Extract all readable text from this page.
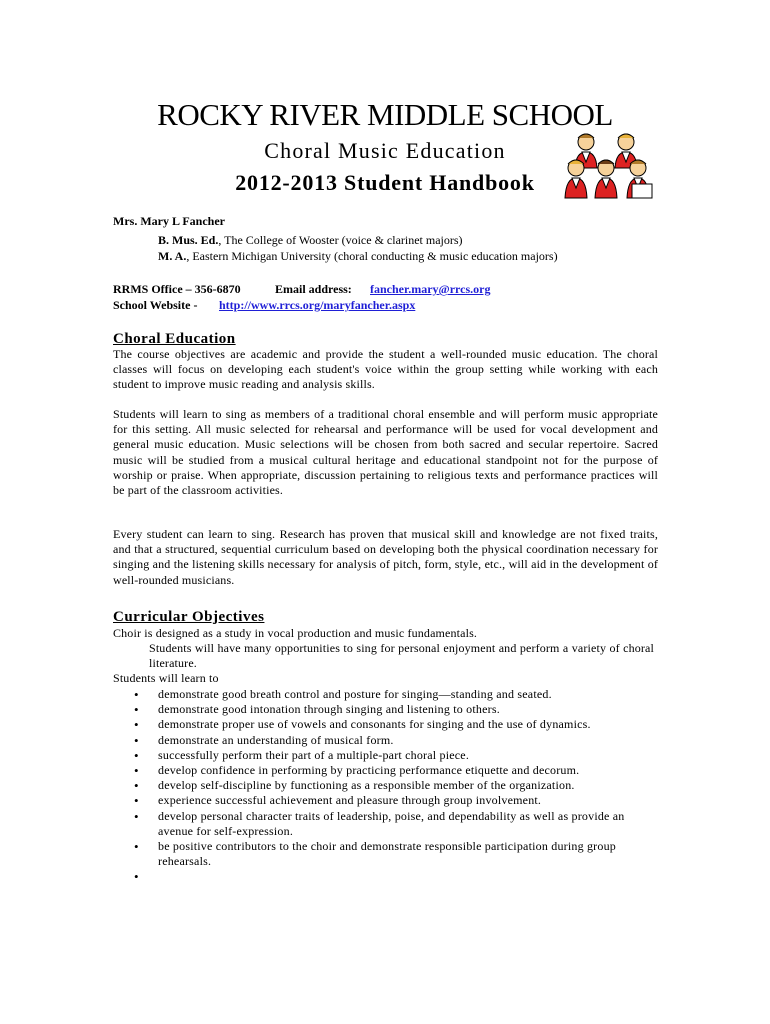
ROCKY RIVER MIDDLE SCHOOL
Choral Music Education
2012-2013 Student Handbook
Mrs. Mary L Fancher
B. Mus. Ed., The College of Wooster (voice & clarinet majors)
M. A., Eastern Michigan University (choral conducting & music education majors)
RRMS Office – 356-6870	Email address: fancher.mary@rrcs.org
School Website - http://www.rrcs.org/maryfancher.aspx
Choral Education
The course objectives are academic and provide the student a well-rounded music education. The choral classes will focus on developing each student's voice within the group setting while working with each student to improve music reading and analysis skills.
Students will learn to sing as members of a traditional choral ensemble and will perform music appropriate for this setting. All music selected for rehearsal and performance will be used for vocal development and general music education. Music selections will be chosen from both sacred and secular repertoire. Sacred music will be studied from a musical cultural heritage and educational standpoint not for the purpose of worship or praise. When appropriate, discussion pertaining to religious texts and performance practices will be part of the classroom activities.
Every student can learn to sing. Research has proven that musical skill and knowledge are not fixed traits, and that a structured, sequential curriculum based on developing both the physical coordination necessary for singing and the listening skills necessary for analysis of pitch, form, style, etc., will aid in the development of well-rounded musicians.
Curricular Objectives
Choir is designed as a study in vocal production and music fundamentals.
Students will have many opportunities to sing for personal enjoyment and perform a variety of choral literature.
Students will learn to
• demonstrate good breath control and posture for singing—standing and seated.
• demonstrate good intonation through singing and listening to others.
• demonstrate proper use of vowels and consonants for singing and the use of dynamics.
• demonstrate an understanding of musical form.
• successfully perform their part of a multiple-part choral piece.
• develop confidence in performing by practicing performance etiquette and decorum.
• develop self-discipline by functioning as a responsible member of the organization.
• experience successful achievement and pleasure through group involvement.
• develop personal character traits of leadership, poise, and dependability as well as provide an avenue for self-expression.
• be positive contributors to the choir and demonstrate responsible participation during group rehearsals.
•
